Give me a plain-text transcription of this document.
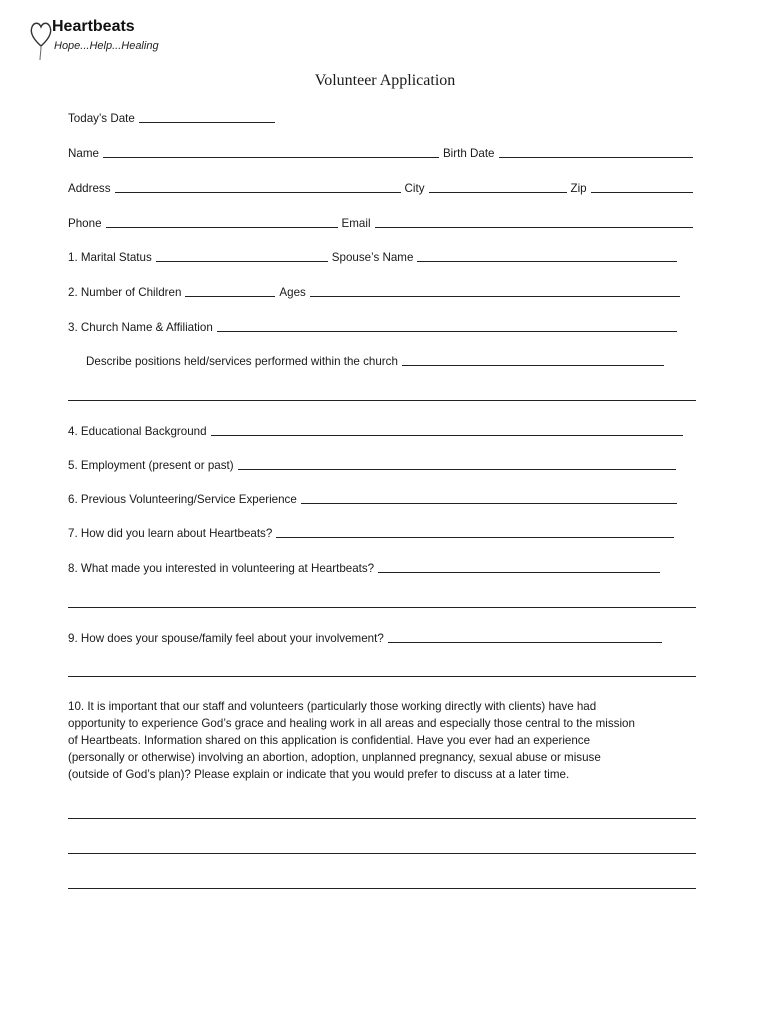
Heartbeats
Hope...Help...Healing
Volunteer Application
Today’s Date
Name	Birth Date
Address	City	Zip
Phone	Email
1. Marital Status	Spouse’s Name
2. Number of Children	Ages
3. Church Name & Affiliation
Describe positions held/services performed within the church
4. Educational Background
5. Employment (present or past)
6. Previous Volunteering/Service Experience
7. How did you learn about Heartbeats?
8. What made you interested in volunteering at Heartbeats?
9. How does your spouse/family feel about your involvement?

10. It is important that our staff and volunteers (particularly those working directly with clients) have had

opportunity to experience God’s grace and healing work in all areas and especially those central to the mission

of Heartbeats. Information shared on this application is confidential. Have you ever had an experience

(personally or otherwise) involving an abortion, adoption, unplanned pregnancy, sexual abuse or misuse

(outside of God’s plan)? Please explain or indicate that you would prefer to discuss at a later time.
